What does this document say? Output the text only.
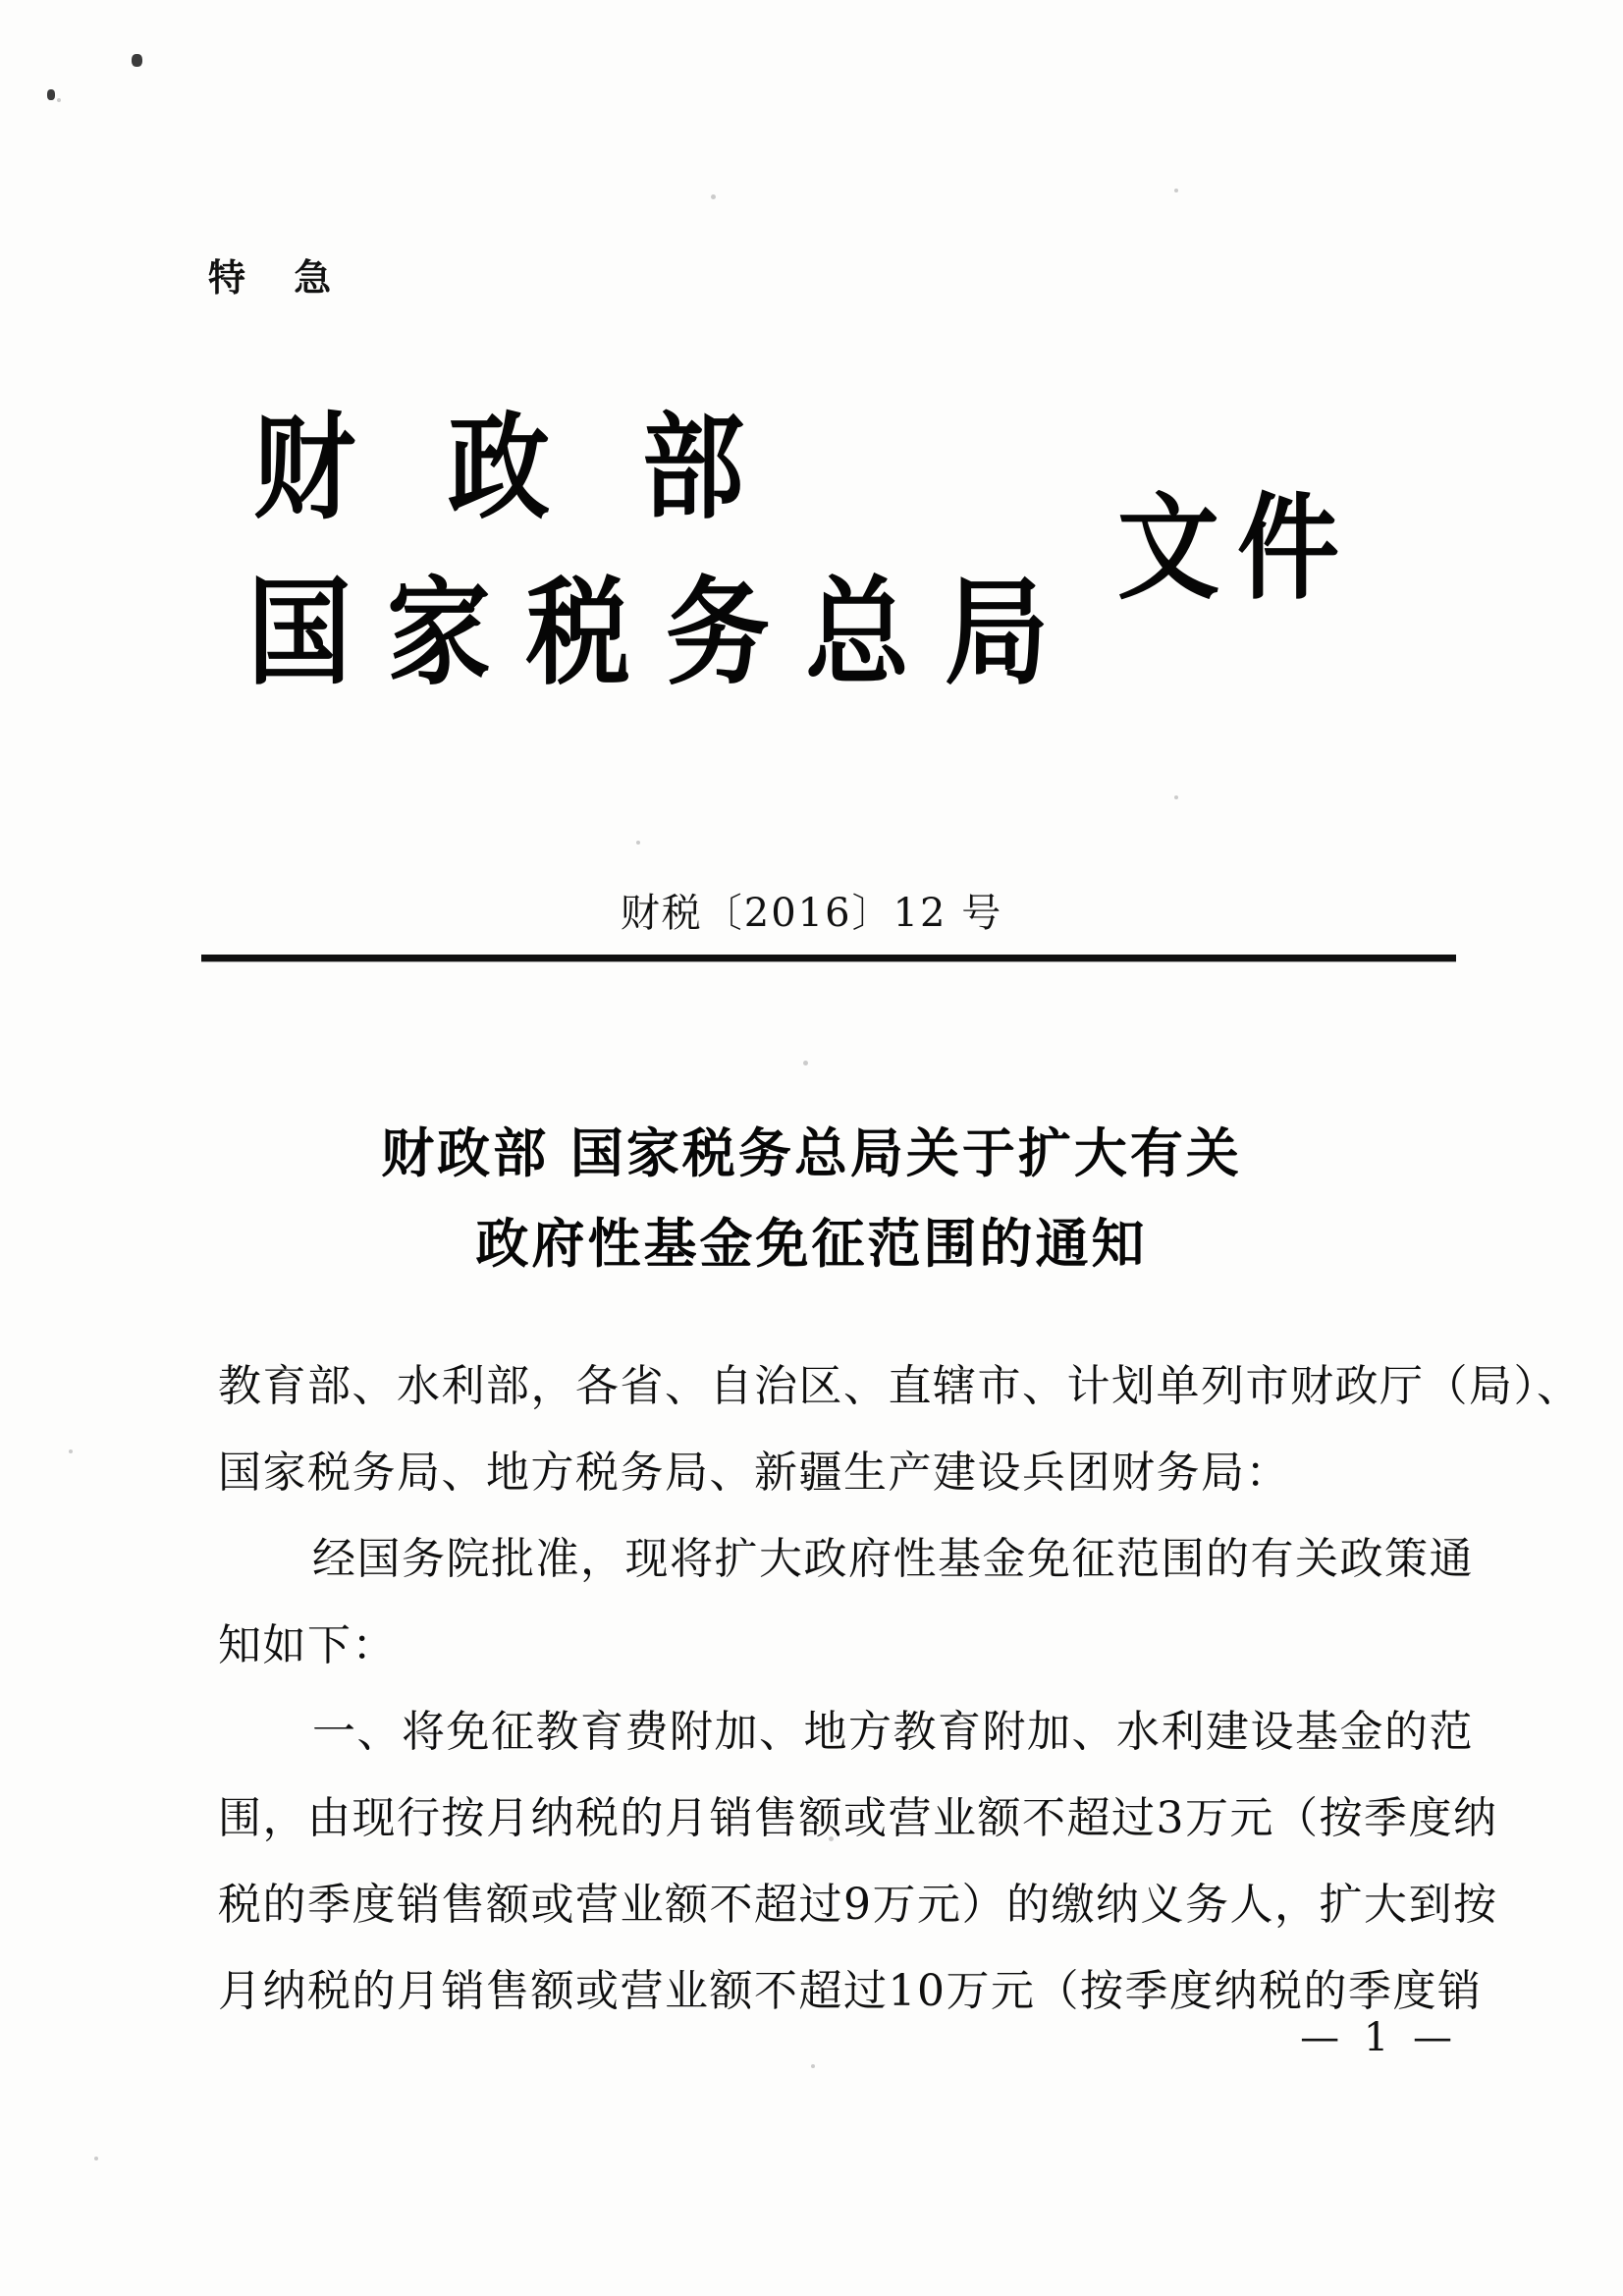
特 急
财政部
国家税务总局
文件
财税〔2016〕12 号
财政部 国家税务总局关于扩大有关
政府性基金免征范围的通知
教育部、水利部，各省、自治区、直辖市、计划单列市财政厅（局）、
国家税务局、地方税务局、新疆生产建设兵团财务局：
经国务院批准，现将扩大政府性基金免征范围的有关政策通
知如下：
一、将免征教育费附加、地方教育附加、水利建设基金的范
围，由现行按月纳税的月销售额或营业额不超过3万元（按季度纳
税的季度销售额或营业额不超过9万元）的缴纳义务人，扩大到按
月纳税的月销售额或营业额不超过10万元（按季度纳税的季度销
— 1 —
